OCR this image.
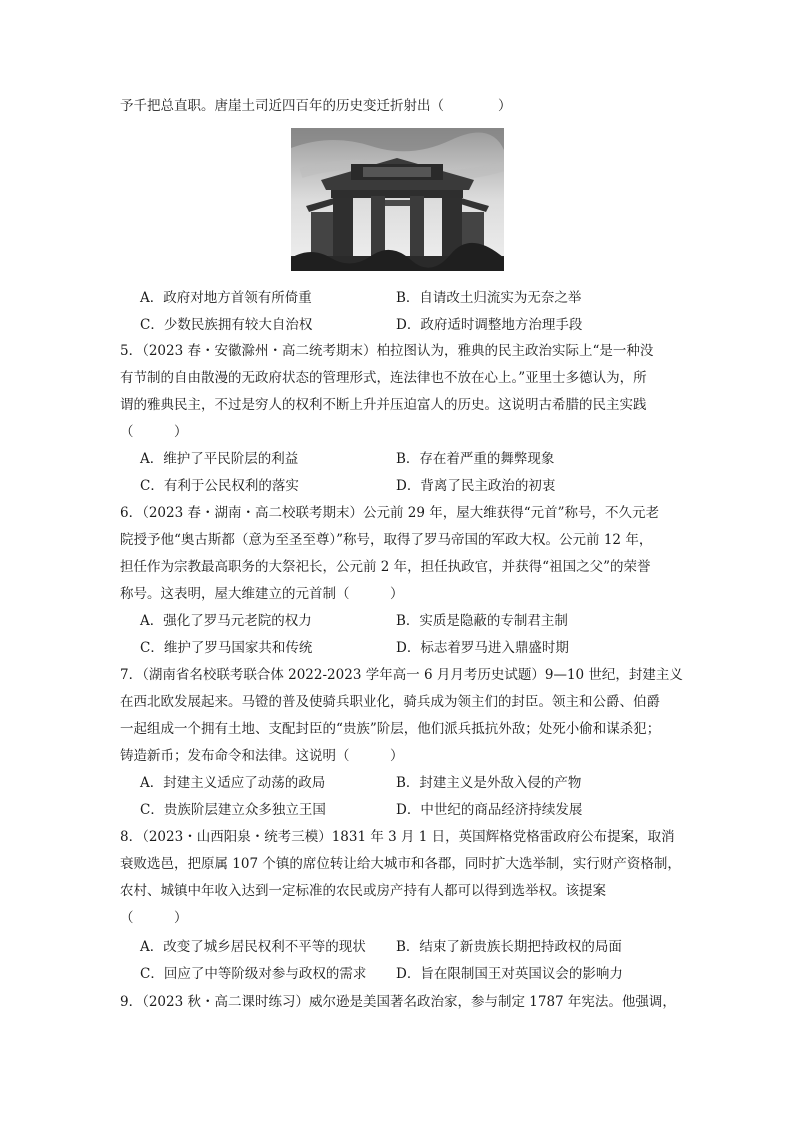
予千把总直职。唐崖土司近四百年的历史变迁折射出（　　　　）
A．政府对地方首领有所倚重	B．自请改土归流实为无奈之举
C．少数民族拥有较大自治权	D．政府适时调整地方治理手段
5．（2023 春・安徽滁州・高二统考期末）柏拉图认为，雅典的民主政治实际上“是一种没
有节制的自由散漫的无政府状态的管理形式，连法律也不放在心上。”亚里士多德认为，所
谓的雅典民主，不过是穷人的权利不断上升并压迫富人的历史。这说明古希腊的民主实践
（　　　）
A．维护了平民阶层的利益	B．存在着严重的舞弊现象
C．有利于公民权利的落实	D．背离了民主政治的初衷
6．（2023 春・湖南・高二校联考期末）公元前 29 年，屋大维获得“元首”称号，不久元老
院授予他“奥古斯都（意为至圣至尊）”称号，取得了罗马帝国的军政大权。公元前 12 年，
担任作为宗教最高职务的大祭祀长，公元前 2 年，担任执政官，并获得“祖国之父”的荣誉
称号。这表明，屋大维建立的元首制（　　　）
A．强化了罗马元老院的权力	B．实质是隐蔽的专制君主制
C．维护了罗马国家共和传统	D．标志着罗马进入鼎盛时期
7．（湖南省名校联考联合体 2022-2023 学年高一 6 月月考历史试题）9—10 世纪，封建主义
在西北欧发展起来。马镫的普及使骑兵职业化，骑兵成为领主们的封臣。领主和公爵、伯爵
一起组成一个拥有土地、支配封臣的“贵族”阶层，他们派兵抵抗外敌；处死小偷和谋杀犯；
铸造新币；发布命令和法律。这说明（　　　）
A．封建主义适应了动荡的政局	B．封建主义是外敌入侵的产物
C．贵族阶层建立众多独立王国	D．中世纪的商品经济持续发展
8．（2023・山西阳泉・统考三模）1831 年 3 月 1 日，英国辉格党格雷政府公布提案，取消
衰败选邑，把原属 107 个镇的席位转让给大城市和各郡，同时扩大选举制，实行财产资格制，
农村、城镇中年收入达到一定标准的农民或房产持有人都可以得到选举权。该提案
（　　　）
A．改变了城乡居民权利不平等的现状 B．结束了新贵族长期把持政权的局面
C．回应了中等阶级对参与政权的需求 D．旨在限制国王对英国议会的影响力
9．（2023 秋・高二课时练习）威尔逊是美国著名政治家，参与制定 1787 年宪法。他强调，
